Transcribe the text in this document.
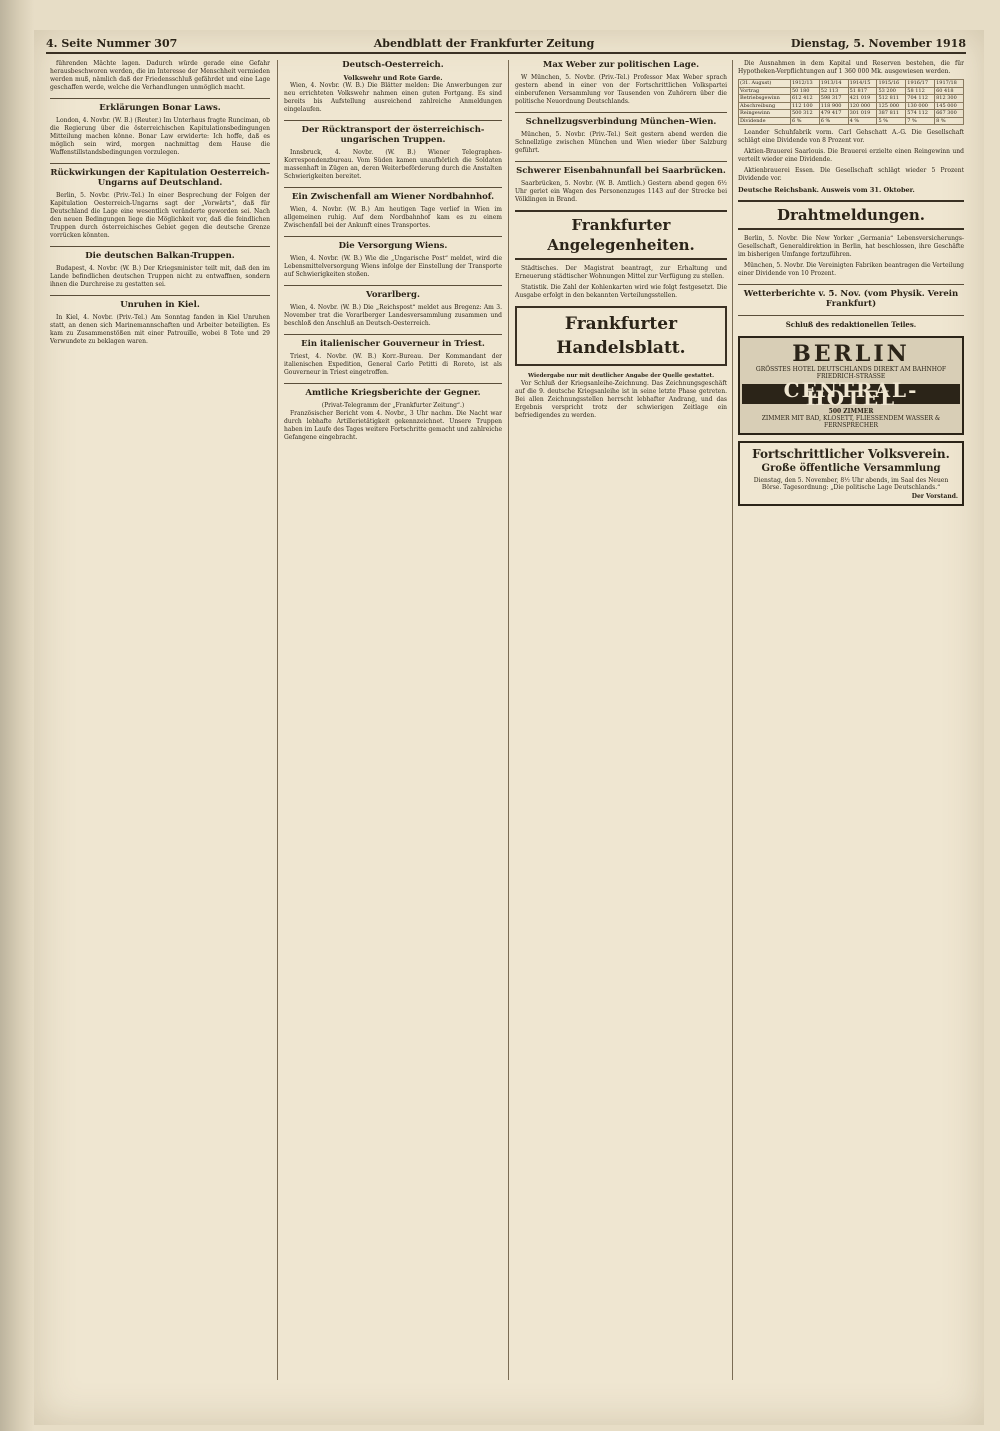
4. Seite Nummer 307	Abendblatt der Frankfurter Zeitung	Dienstag, 5. November 1918

führenden Mächte lagen. Dadurch würde gerade eine Gefahr herausbeschworen werden, die im Interesse der Menschheit vermieden werden muß, nämlich daß der Friedensschluß gefährdet und eine Lage geschaffen werde, welche die Verhandlungen unmöglich macht.

Erklärungen Bonar Laws.

London, 4. Novbr. (W. B.) (Reuter.) Im Unterhaus fragte Runciman, ob die Regierung über die österreichischen Kapitulationsbedingungen Mitteilung machen könne. Bonar Law erwiderte: Ich hoffe, daß es möglich sein wird, morgen nachmittag dem Hause die Waffenstillstandsbedingungen vorzulegen.

Rückwirkungen der Kapitulation Oesterreich-Ungarns auf Deutschland.

Berlin, 5. Novbr. (Priv.-Tel.) In einer Besprechung der Folgen der Kapitulation Oesterreich-Ungarns sagt der „Vorwärts“, daß für Deutschland die Lage eine wesentlich veränderte geworden sei. Nach den neuen Bedingungen liege die Möglichkeit vor, daß die feindlichen Truppen durch österreichisches Gebiet gegen die deutsche Grenze vorrücken könnten.

Die deutschen Balkan-Truppen.

Budapest, 4. Novbr. (W. B.) Der Kriegsminister teilt mit, daß den im Lande befindlichen deutschen Truppen nicht zu entwaffnen, sondern ihnen die Durchreise zu gestatten sei.

Unruhen in Kiel.

In Kiel, 4. Novbr. (Priv.-Tel.) Am Sonntag fanden in Kiel Unruhen statt, an denen sich Marinemannschaften und Arbeiter beteiligten. Es kam zu Zusammenstößen mit einer Patrouille, wobei 8 Tote und 29 Verwundete zu beklagen waren.

Deutsch-Oesterreich.
Volkswehr und Rote Garde.

Wien, 4. Novbr. (W. B.) Die Blätter melden: Die Anwerbungen zur neu errichteten Volkswehr nahmen einen guten Fortgang. Es sind bereits bis Aufstellung ausreichend zahlreiche Anmeldungen eingelaufen.

Der Rücktransport der österreichisch-ungarischen Truppen.

Innsbruck, 4. Novbr. (W. B.) Wiener Telegraphen-Korrespondenzbureau. Vom Süden kamen unaufhörlich die Soldaten massenhaft in Zügen an, deren Weiterbeförderung durch die Anstalten Schwierigkeiten bereitet.

Ein Zwischenfall am Wiener Nordbahnhof.

Wien, 4. Novbr. (W. B.) Am heutigen Tage verlief in Wien im allgemeinen ruhig. Auf dem Nordbahnhof kam es zu einem Zwischenfall bei der Ankunft eines Transportes.

Die Versorgung Wiens.

Wien, 4. Novbr. (W. B.) Wie die „Ungarische Post“ meldet, wird die Lebensmittelversorgung Wiens infolge der Einstellung der Transporte auf Schwierigkeiten stoßen.

Vorarlberg.

Wien, 4. Novbr. (W. B.) Die „Reichspost“ meldet aus Bregenz: Am 3. November trat die Vorarlberger Landesversammlung zusammen und beschloß den Anschluß an Deutsch-Oesterreich.

Ein italienischer Gouverneur in Triest.

Triest, 4. Novbr. (W. B.) Korr.-Bureau. Der Kommandant der italienischen Expedition, General Carlo Petitti di Roreto, ist als Gouverneur in Triest eingetroffen.

Amtliche Kriegsberichte der Gegner.
(Privat-Telegramm der „Frankfurter Zeitung“.)

Französischer Bericht vom 4. Novbr., 3 Uhr nachm. Die Nacht war durch lebhafte Artillerietätigkeit gekennzeichnet. Unsere Truppen haben im Laufe des Tages weitere Fortschritte gemacht und zahlreiche Gefangene eingebracht.

Max Weber zur politischen Lage.

W München, 5. Novbr. (Priv.-Tel.) Professor Max Weber sprach gestern abend in einer von der Fortschrittlichen Volkspartei einberufenen Versammlung vor Tausenden von Zuhörern über die politische Neuordnung Deutschlands.

Schnellzugsverbindung München–Wien.

München, 5. Novbr. (Priv.-Tel.) Seit gestern abend werden die Schnellzüge zwischen München und Wien wieder über Salzburg geführt.

Schwerer Eisenbahnunfall bei Saarbrücken.

Saarbrücken, 5. Novbr. (W. B. Amtlich.) Gestern abend gegen 6½ Uhr geriet ein Wagen des Personenzuges 1143 auf der Strecke bei Völklingen in Brand.

Frankfurter Angelegenheiten.

Städtisches. Der Magistrat beantragt, zur Erhaltung und Erneuerung städtischer Wohnungen Mittel zur Verfügung zu stellen.

Statistik. Die Zahl der Kohlenkarten wird wie folgt festgesetzt. Die Ausgabe erfolgt in den bekannten Verteilungsstellen.

Frankfurter Handelsblatt.
Wiedergabe nur mit deutlicher Angabe der Quelle gestattet.

Vor Schluß der Kriegsanleihe-Zeichnung. Das Zeichnungsgeschäft auf die 9. deutsche Kriegsanleihe ist in seine letzte Phase getreten. Bei allen Zeichnungsstellen herrscht lebhafter Andrang, und das Ergebnis verspricht trotz der schwierigen Zeitlage ein befriedigendes zu werden.

Die Ausnahmen in dem Kapital und Reserven bestehen, die für Hypotheken-Verpflichtungen auf 1 360 000 Mk. ausgewiesen werden.

(31. August)	1912/13	1913/14	1914/15	1915/16	1916/17	1917/18
Vortrag	50 180	52 113	51 817	53 200	58 112	60 418
Betriebsgewinn	612 412	598 317	421 019	512 811	704 112	812 300
Abschreibung	112 100	118 900	120 000	125 000	130 000	145 000
Reingewinn	500 312	479 417	301 019	387 811	574 112	667 300
Dividende	6 %	6 %	4 %	5 %	7 %	8 %

Leander Schuhfabrik vorm. Carl Gehschatt A.-G. Die Gesellschaft schlägt eine Dividende von 8 Prozent vor.

Aktien-Brauerei Saarlouis. Die Brauerei erzielte einen Reingewinn und verteilt wieder eine Dividende.

Aktienbrauerei Essen. Die Gesellschaft schlägt wieder 5 Prozent Dividende vor.

Deutsche Reichsbank. Ausweis vom 31. Oktober.
Drahtmeldungen.

Berlin, 5. Novbr. Die New Yorker „Germania“ Lebensversicherungs-Gesellschaft, Generaldirektion in Berlin, hat beschlossen, ihre Geschäfte im bisherigen Umfange fortzuführen.

München, 5. Novbr. Die Vereinigten Fabriken beantragen die Verteilung einer Dividende von 10 Prozent.

Wetterberichte v. 5. Nov. (vom Physik. Verein Frankfurt)
Schluß des redaktionellen Teiles.
BERLIN
GRÖSSTES HOTEL DEUTSCHLANDS DIREKT AM BAHNHOF FRIEDRICH-STRASSE
CENTRAL-HOTEL
500 ZIMMER
ZIMMER MIT BAD, KLOSETT, FLIESSENDEM WASSER & FERNSPRECHER
Fortschrittlicher Volksverein.
Große öffentliche Versammlung
Dienstag, den 5. November, 8½ Uhr abends, im Saal des Neuen Börse. Tagesordnung: „Die politische Lage Deutschlands.“
Der Vorstand.
